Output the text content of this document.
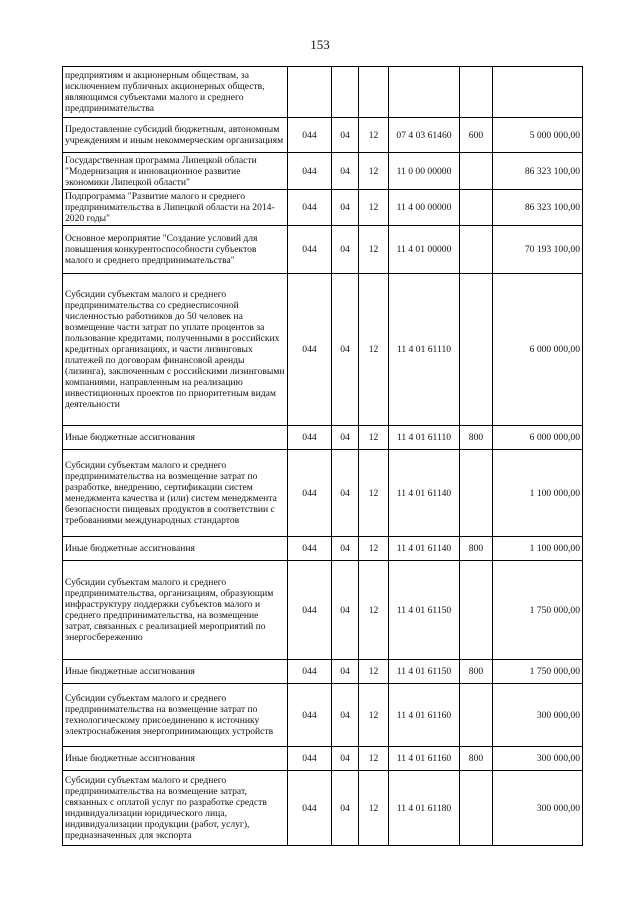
153
предприятиям и акционерным обществам, за исключением публичных акционерных обществ, являющимся субъектами малого и среднего предпринимательства						
Предоставление субсидий бюджетным, автономным учреждениям и иным некоммерческим организациям	044	04	12	07 4 03 61460	600	5 000 000,00
Государственная программа Липецкой области "Модернизация и инновационное развитие экономики Липецкой области"	044	04	12	11 0 00 00000		86 323 100,00
Подпрограмма "Развитие малого и среднего предпринимательства в Липецкой области на 2014-2020 годы"	044	04	12	11 4 00 00000		86 323 100,00
Основное мероприятие "Создание условий для повышения конкурентоспособности субъектов малого и среднего предпринимательства"	044	04	12	11 4 01 00000		70 193 100,00
Субсидии субъектам малого и среднего предпринимательства со среднесписочной численностью работников до 50 человек на возмещение части затрат по уплате процентов за пользование кредитами, полученными в российских кредитных организациях, и части лизинговых платежей по договорам финансовой аренды (лизинга), заключенным с российскими лизинговыми компаниями, направленным на реализацию инвестиционных проектов по приоритетным видам деятельности	044	04	12	11 4 01 61110		6 000 000,00
Иные бюджетные ассигнования	044	04	12	11 4 01 61110	800	6 000 000,00
Субсидии субъектам малого и среднего предпринимательства на возмещение затрат по разработке, внедрению, сертификации систем менеджмента качества и (или) систем менеджмента безопасности пищевых продуктов в соответствии с требованиями международных стандартов	044	04	12	11 4 01 61140		1 100 000,00
Иные бюджетные ассигнования	044	04	12	11 4 01 61140	800	1 100 000,00
Субсидии субъектам малого и среднего предпринимательства, организациям, образующим инфраструктуру поддержки субъектов малого и среднего предпринимательства, на возмещение затрат, связанных с реализацией мероприятий по энергосбережению	044	04	12	11 4 01 61150		1 750 000,00
Иные бюджетные ассигнования	044	04	12	11 4 01 61150	800	1 750 000,00
Субсидии субъектам малого и среднего предпринимательства на возмещение затрат по технологическому присоединению к источнику электроснабжения энергопринимающих устройств	044	04	12	11 4 01 61160		300 000,00
Иные бюджетные ассигнования	044	04	12	11 4 01 61160	800	300 000,00
Субсидии субъектам малого и среднего предпринимательства на возмещение затрат, связанных с оплатой услуг по разработке средств индивидуализации юридического лица, индивидуализации продукции (работ, услуг), предназначенных для экспорта	044	04	12	11 4 01 61180		300 000,00
